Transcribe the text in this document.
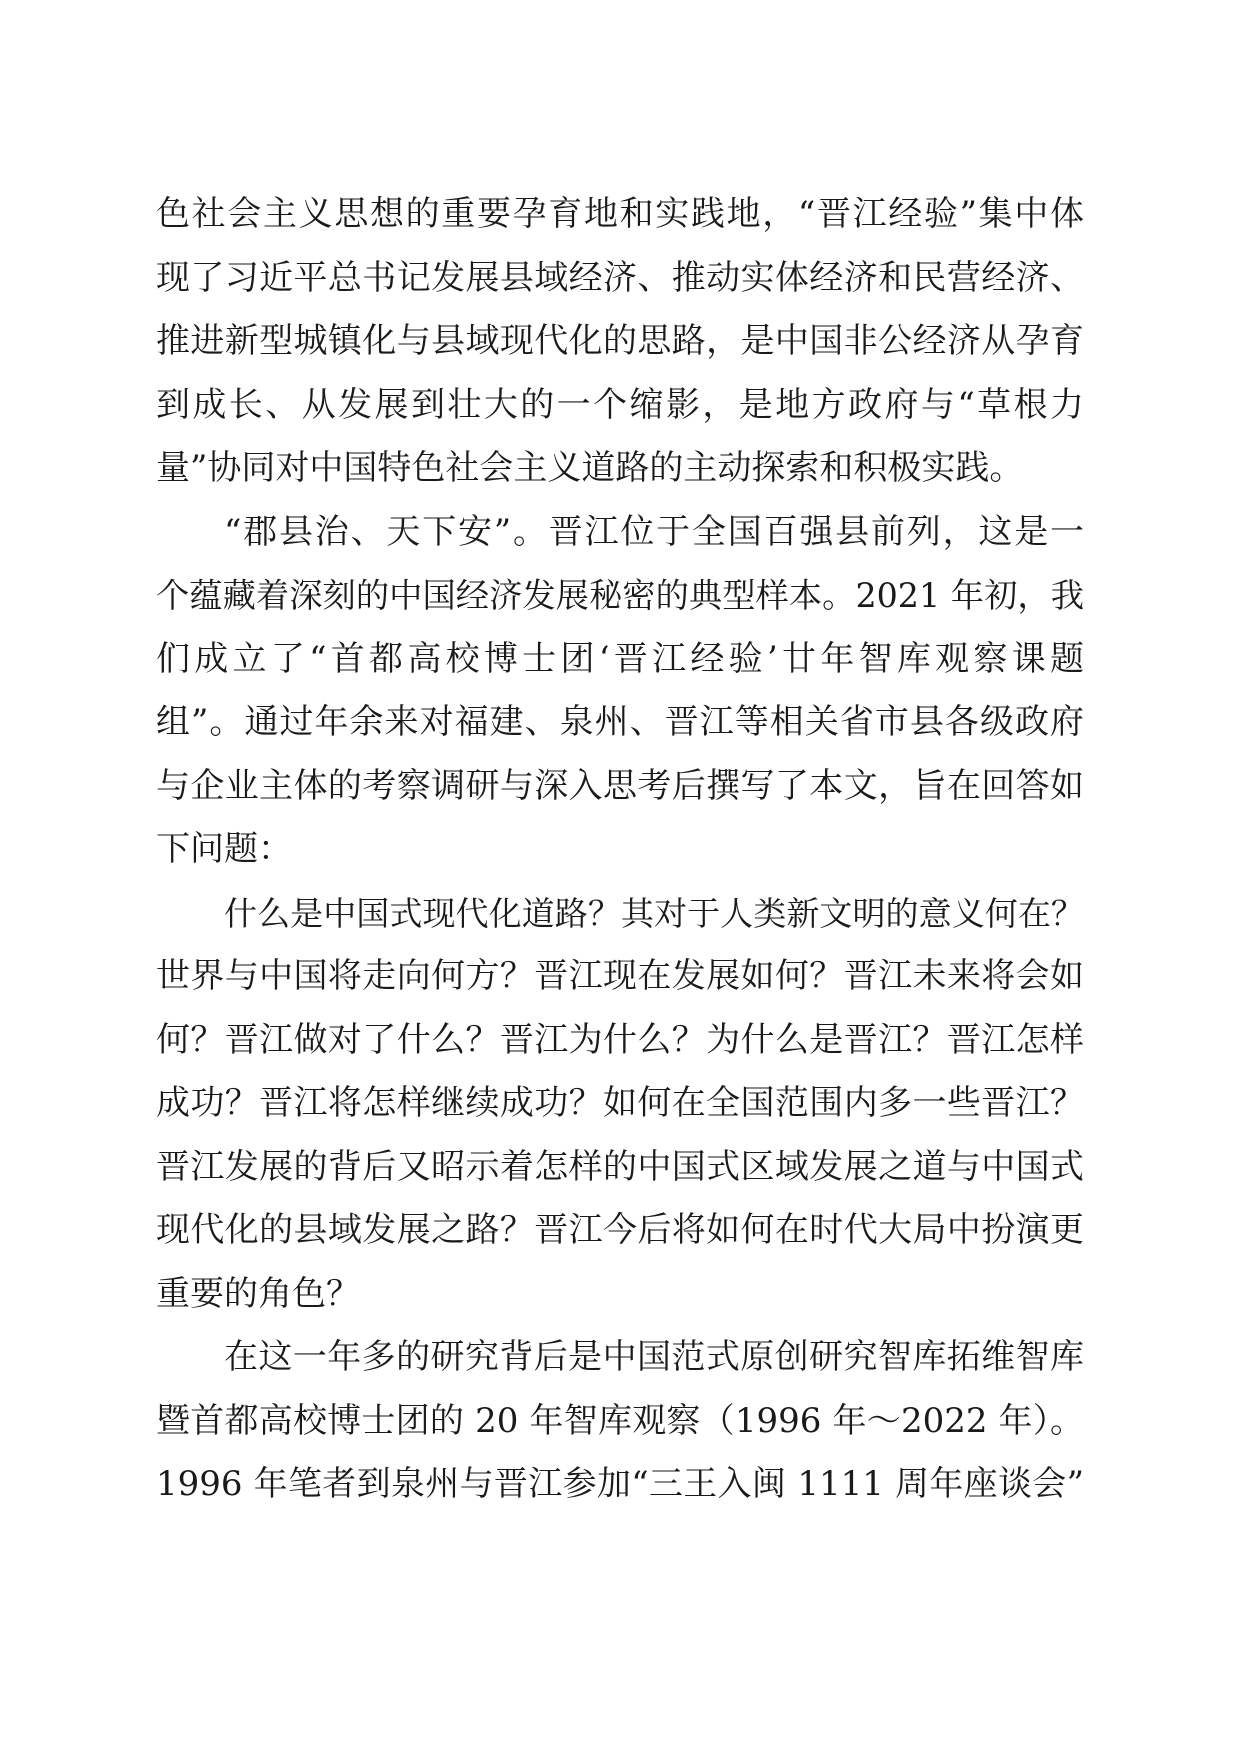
色社会主义思想的重要孕育地和实践地，“晋江经验”集中体
现了习近平总书记发展县域经济、推动实体经济和民营经济、
推进新型城镇化与县域现代化的思路，是中国非公经济从孕育
到成长、从发展到壮大的一个缩影，是地方政府与“草根力
量”协同对中国特色社会主义道路的主动探索和积极实践。
“郡县治、天下安”。晋江位于全国百强县前列，这是一
个蕴藏着深刻的中国经济发展秘密的典型样本。2021 年初，我
们成立了“首都高校博士团‘晋江经验’廿年智库观察课题
组”。通过年余来对福建、泉州、晋江等相关省市县各级政府
与企业主体的考察调研与深入思考后撰写了本文，旨在回答如
下问题：
什么是中国式现代化道路？其对于人类新文明的意义何在？
世界与中国将走向何方？晋江现在发展如何？晋江未来将会如
何？晋江做对了什么？晋江为什么？为什么是晋江？晋江怎样
成功？晋江将怎样继续成功？如何在全国范围内多一些晋江？
晋江发展的背后又昭示着怎样的中国式区域发展之道与中国式
现代化的县域发展之路？晋江今后将如何在时代大局中扮演更
重要的角色？
在这一年多的研究背后是中国范式原创研究智库拓维智库
暨首都高校博士团的 20 年智库观察（1996 年～2022 年）。
1996 年笔者到泉州与晋江参加“三王入闽 1111 周年座谈会”
